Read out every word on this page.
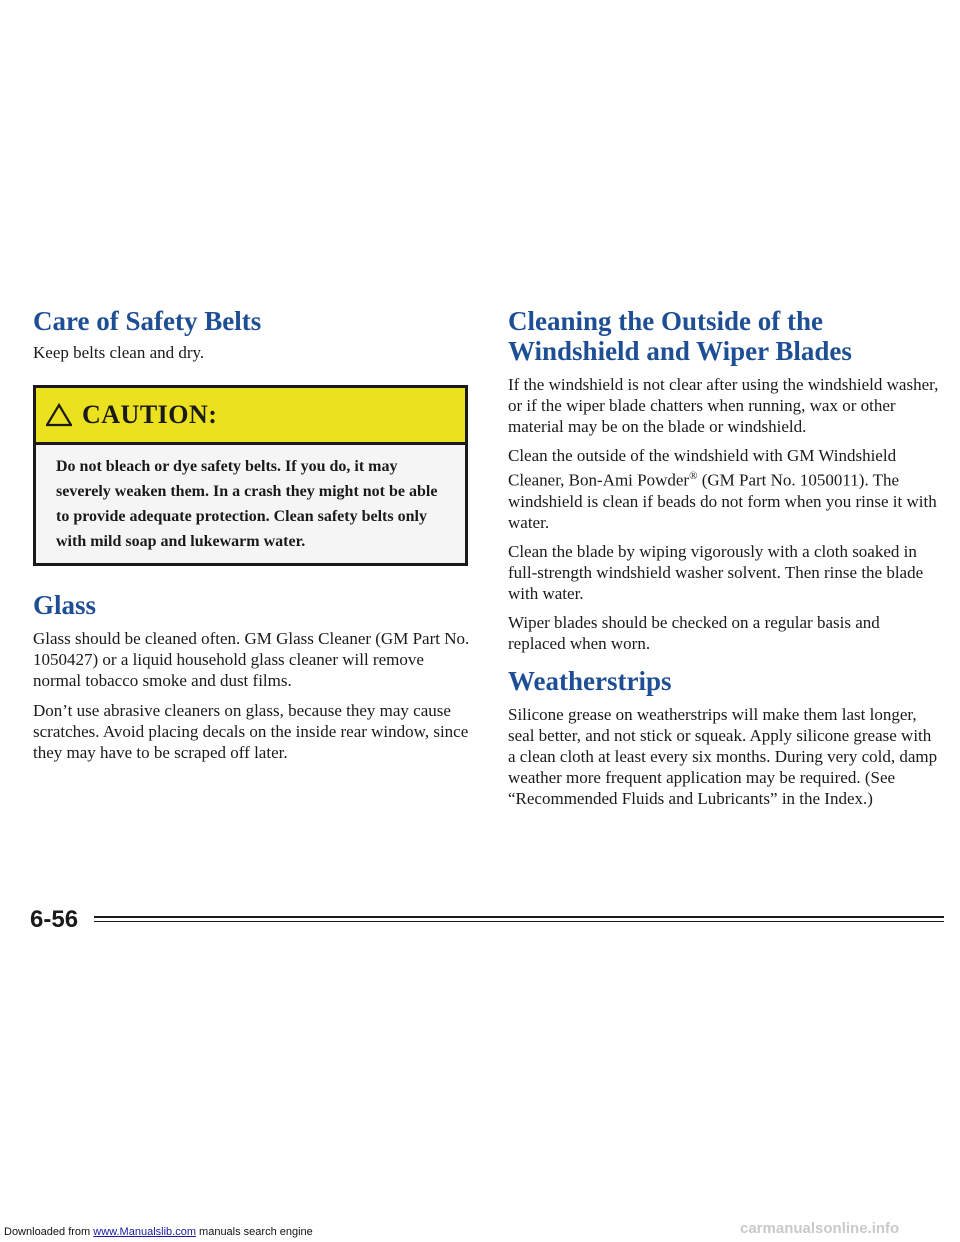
Care of Safety Belts

Keep belts clean and dry.

CAUTION:
Do not bleach or dye safety belts. If you do, it may severely weaken them. In a crash they might not be able to provide adequate protection. Clean safety belts only with mild soap and lukewarm water.
Glass

Glass should be cleaned often. GM Glass Cleaner (GM Part No. 1050427) or a liquid household glass cleaner will remove normal tobacco smoke and dust films.

Don’t use abrasive cleaners on glass, because they may cause scratches. Avoid placing decals on the inside rear window, since they may have to be scraped off later.

Cleaning the Outside of the Windshield and Wiper Blades

If the windshield is not clear after using the windshield washer, or if the wiper blade chatters when running, wax or other material may be on the blade or windshield.

Clean the outside of the windshield with GM Windshield Cleaner, Bon-Ami Powder® (GM Part No. 1050011). The windshield is clean if beads do not form when you rinse it with water.

Clean the blade by wiping vigorously with a cloth soaked in full-strength windshield washer solvent. Then rinse the blade with water.

Wiper blades should be checked on a regular basis and replaced when worn.

Weatherstrips

Silicone grease on weatherstrips will make them last longer, seal better, and not stick or squeak. Apply silicone grease with a clean cloth at least every six months. During very cold, damp weather more frequent application may be required. (See “Recommended Fluids and Lubricants” in the Index.)

6-56
Downloaded from www.Manualslib.com manuals search engine	carmanualsonline.info
